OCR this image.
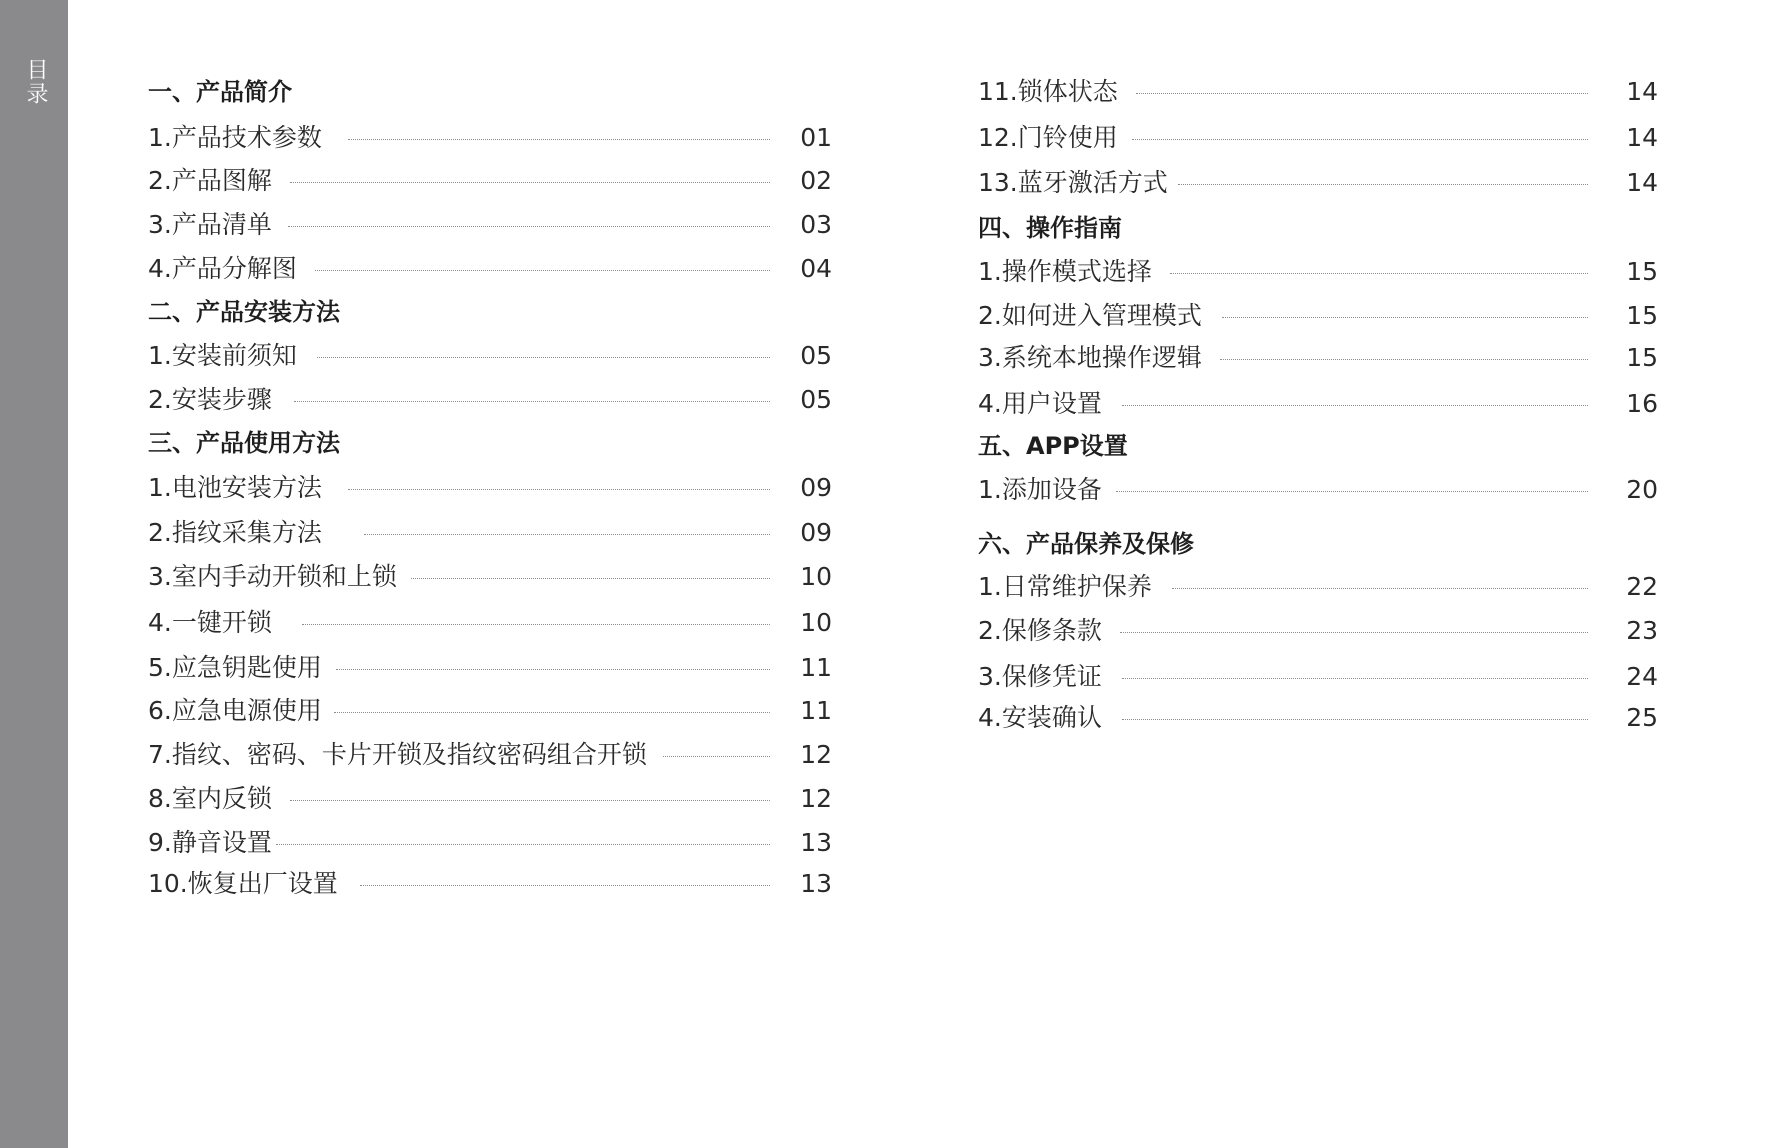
目录	一、产品简介
1.产品技术参数	01
2.产品图解	02
3.产品清单	03
4.产品分解图	04
二、产品安装方法
1.安装前须知	05
2.安装步骤	05
三、产品使用方法
1.电池安装方法	09
2.指纹采集方法	09
3.室内手动开锁和上锁	10
4.一键开锁	10
5.应急钥匙使用	11
6.应急电源使用	11
7.指纹、密码、卡片开锁及指纹密码组合开锁	12
8.室内反锁	12
9.静音设置	13
10.恢复出厂设置	13
11.锁体状态	14
12.门铃使用	14
13.蓝牙激活方式	14
四、操作指南
1.操作模式选择	15
2.如何进入管理模式	15
3.系统本地操作逻辑	15
4.用户设置	16
五、APP设置
1.添加设备	20
六、产品保养及保修
1.日常维护保养	22
2.保修条款	23
3.保修凭证	24
4.安装确认	25
